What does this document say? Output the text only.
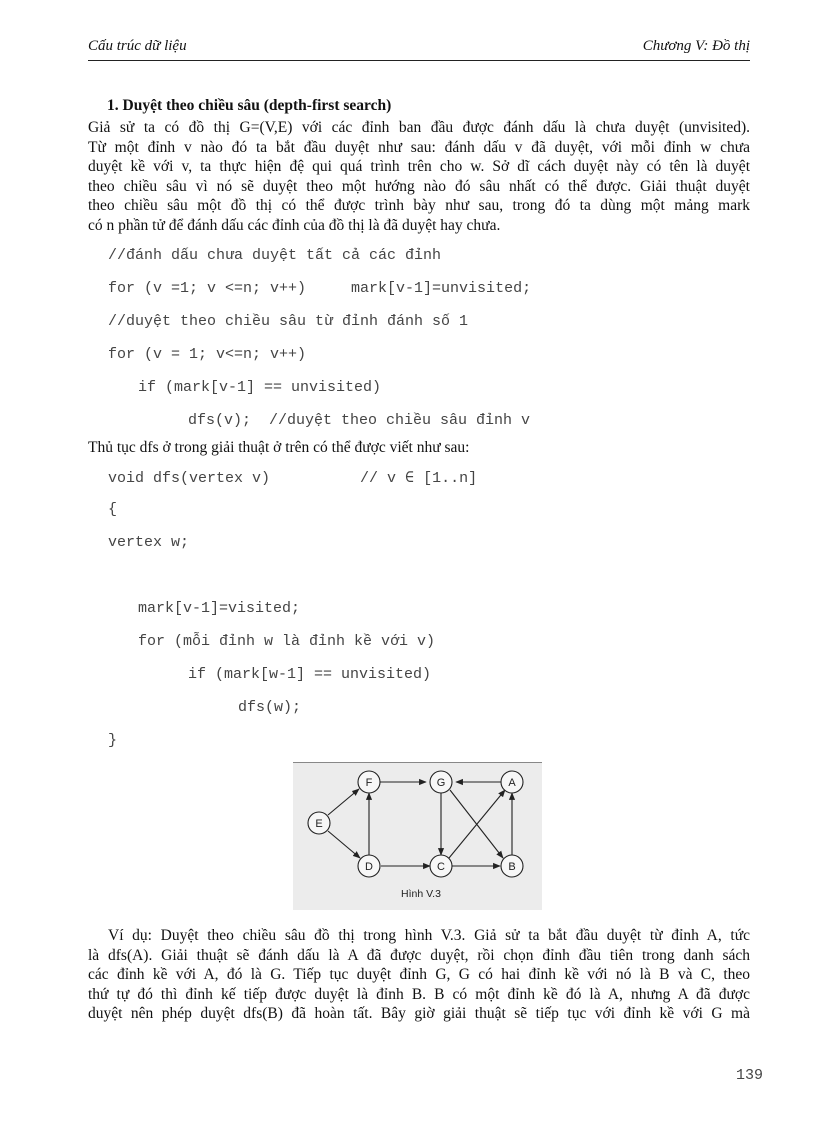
Cấu trúc dữ liệu	Chương V: Đồ thị
1. Duyệt theo chiều sâu (depth-first search)
Giả sử ta có đồ thị G=(V,E) với các đỉnh ban đầu được đánh dấu là chưa duyệt (unvisited).
Từ một đỉnh v nào đó ta bắt đầu duyệt như sau: đánh dấu v đã duyệt, với mỗi đỉnh w chưa
duyệt kề với v, ta thực hiện đệ qui quá trình trên cho w. Sở dĩ cách duyệt này có tên là duyệt
theo chiều sâu vì nó sẽ duyệt theo một hướng nào đó sâu nhất có thể được. Giải thuật duyệt
theo chiều sâu một đồ thị có thể được trình bày như sau, trong đó ta dùng một mảng mark
có n phần tử để đánh dấu các đỉnh của đồ thị là đã duyệt hay chưa.
//đánh dấu chưa duyệt tất cả các đỉnh
for (v =1; v <=n; v++)     mark[v-1]=unvisited;
//duyệt theo chiều sâu từ đỉnh đánh số 1
for (v = 1; v<=n; v++)
if (mark[v-1] == unvisited)
dfs(v);  //duyệt theo chiều sâu đỉnh v
Thủ tục dfs ở trong giải thuật ở trên có thể được viết như sau:
void dfs(vertex v)          // v ∈ [1..n]
{
vertex w;
mark[v-1]=visited;
for (mỗi đỉnh w là đỉnh kề với v)
if (mark[w-1] == unvisited)
dfs(w);
}
F	G	A
E
D	C	B
Hình V.3
Ví dụ: Duyệt theo chiều sâu đồ thị trong hình V.3. Giả sử ta bắt đầu duyệt từ đỉnh A, tức
là dfs(A). Giải thuật sẽ đánh dấu là A đã được duyệt, rồi chọn đỉnh đầu tiên trong danh sách
các đỉnh kề với A, đó là G. Tiếp tục duyệt đỉnh G, G có hai đỉnh kề với nó là B và C, theo
thứ tự đó thì đỉnh kế tiếp được duyệt là đỉnh B. B có một đỉnh kề đó là A, nhưng A đã được
duyệt nên phép duyệt dfs(B) đã hoàn tất. Bây giờ giải thuật sẽ tiếp tục với đỉnh kề với G mà
139
